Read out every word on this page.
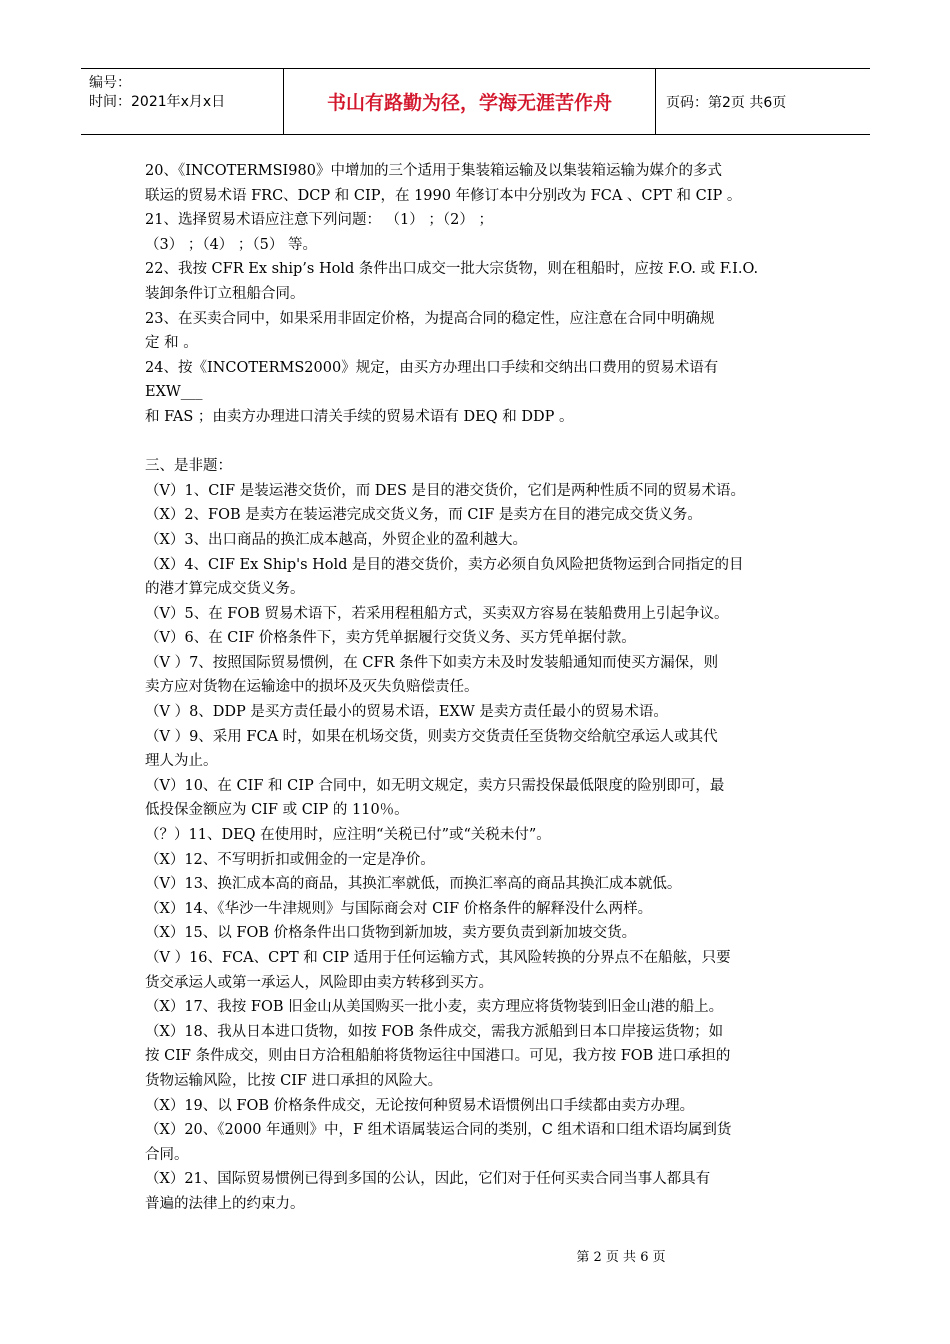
编号：
时间：2021年x月x日	书山有路勤为径，学海无涯苦作舟	页码：第2页 共6页
20、《INCOTERMSI980》中增加的三个适用于集装箱运输及以集装箱运输为媒介的多式
联运的贸易术语 FRC、DCP 和 CIP，在 1990 年修订本中分别改为 FCA 、CPT 和 CIP 。
21、选择贸易术语应注意下列问题： （1） ；（2） ；
（3） ；（4） ；（5） 等。
22、我按 CFR Ex ship’s Hold 条件出口成交一批大宗货物，则在租船时，应按 F.O. 或 F.I.O.
装卸条件订立租船合同。
23、在买卖合同中，如果采用非固定价格，为提高合同的稳定性，应注意在合同中明确规
定 和 。
24、按《INCOTERMS2000》规定，由买方办理出口手续和交纳出口费用的贸易术语有
EXW___
和 FAS ；由卖方办理进口清关手续的贸易术语有 DEQ 和 DDP 。
三、是非题：
（V）1、CIF 是装运港交货价，而 DES 是目的港交货价，它们是两种性质不同的贸易术语。
（X）2、FOB 是卖方在装运港完成交货义务，而 CIF 是卖方在目的港完成交货义务。
（X）3、出口商品的换汇成本越高，外贸企业的盈利越大。
（X）4、CIF Ex Ship's Hold 是目的港交货价，卖方必须自负风险把货物运到合同指定的目
的港才算完成交货义务。
（V）5、在 FOB 贸易术语下，若采用程租船方式，买卖双方容易在装船费用上引起争议。
（V）6、在 CIF 价格条件下，卖方凭单据履行交货义务、买方凭单据付款。
（V ）7、按照国际贸易惯例，在 CFR 条件下如卖方未及时发装船通知而使买方漏保，则
卖方应对货物在运输途中的损坏及灭失负赔偿责任。
（V ）8、DDP 是买方责任最小的贸易术语，EXW 是卖方责任最小的贸易术语。
（V ）9、采用 FCA 时，如果在机场交货，则卖方交货责任至货物交给航空承运人或其代
理人为止。
（V）10、在 CIF 和 CIP 合同中，如无明文规定，卖方只需投保最低限度的险别即可，最
低投保金额应为 CIF 或 CIP 的 110％。
（？）11、DEQ 在使用时，应注明“关税已付”或“关税未付”。
（X）12、不写明折扣或佣金的一定是净价。
（V）13、换汇成本高的商品，其换汇率就低，而换汇率高的商品其换汇成本就低。
（X）14、《华沙一牛津规则》与国际商会对 CIF 价格条件的解释没什么两样。
（X）15、以 FOB 价格条件出口货物到新加坡，卖方要负责到新加坡交货。
（V ）16、FCA、CPT 和 CIP 适用于任何运输方式，其风险转换的分界点不在船舷，只要
货交承运人或第一承运人，风险即由卖方转移到买方。
（X）17、我按 FOB 旧金山从美国购买一批小麦，卖方理应将货物装到旧金山港的船上。
（X）18、我从日本进口货物，如按 FOB 条件成交，需我方派船到日本口岸接运货物；如
按 CIF 条件成交，则由日方洽租船舶将货物运往中国港口。可见，我方按 FOB 进口承担的
货物运输风险，比按 CIF 进口承担的风险大。
（X）19、以 FOB 价格条件成交，无论按何种贸易术语惯例出口手续都由卖方办理。
（X）20、《2000 年通则》中，F 组术语属装运合同的类别，C 组术语和口组术语均属到货
合同。
（X）21、国际贸易惯例已得到多国的公认，因此，它们对于任何买卖合同当事人都具有
普遍的法律上的约束力。
第 2 页 共 6 页
